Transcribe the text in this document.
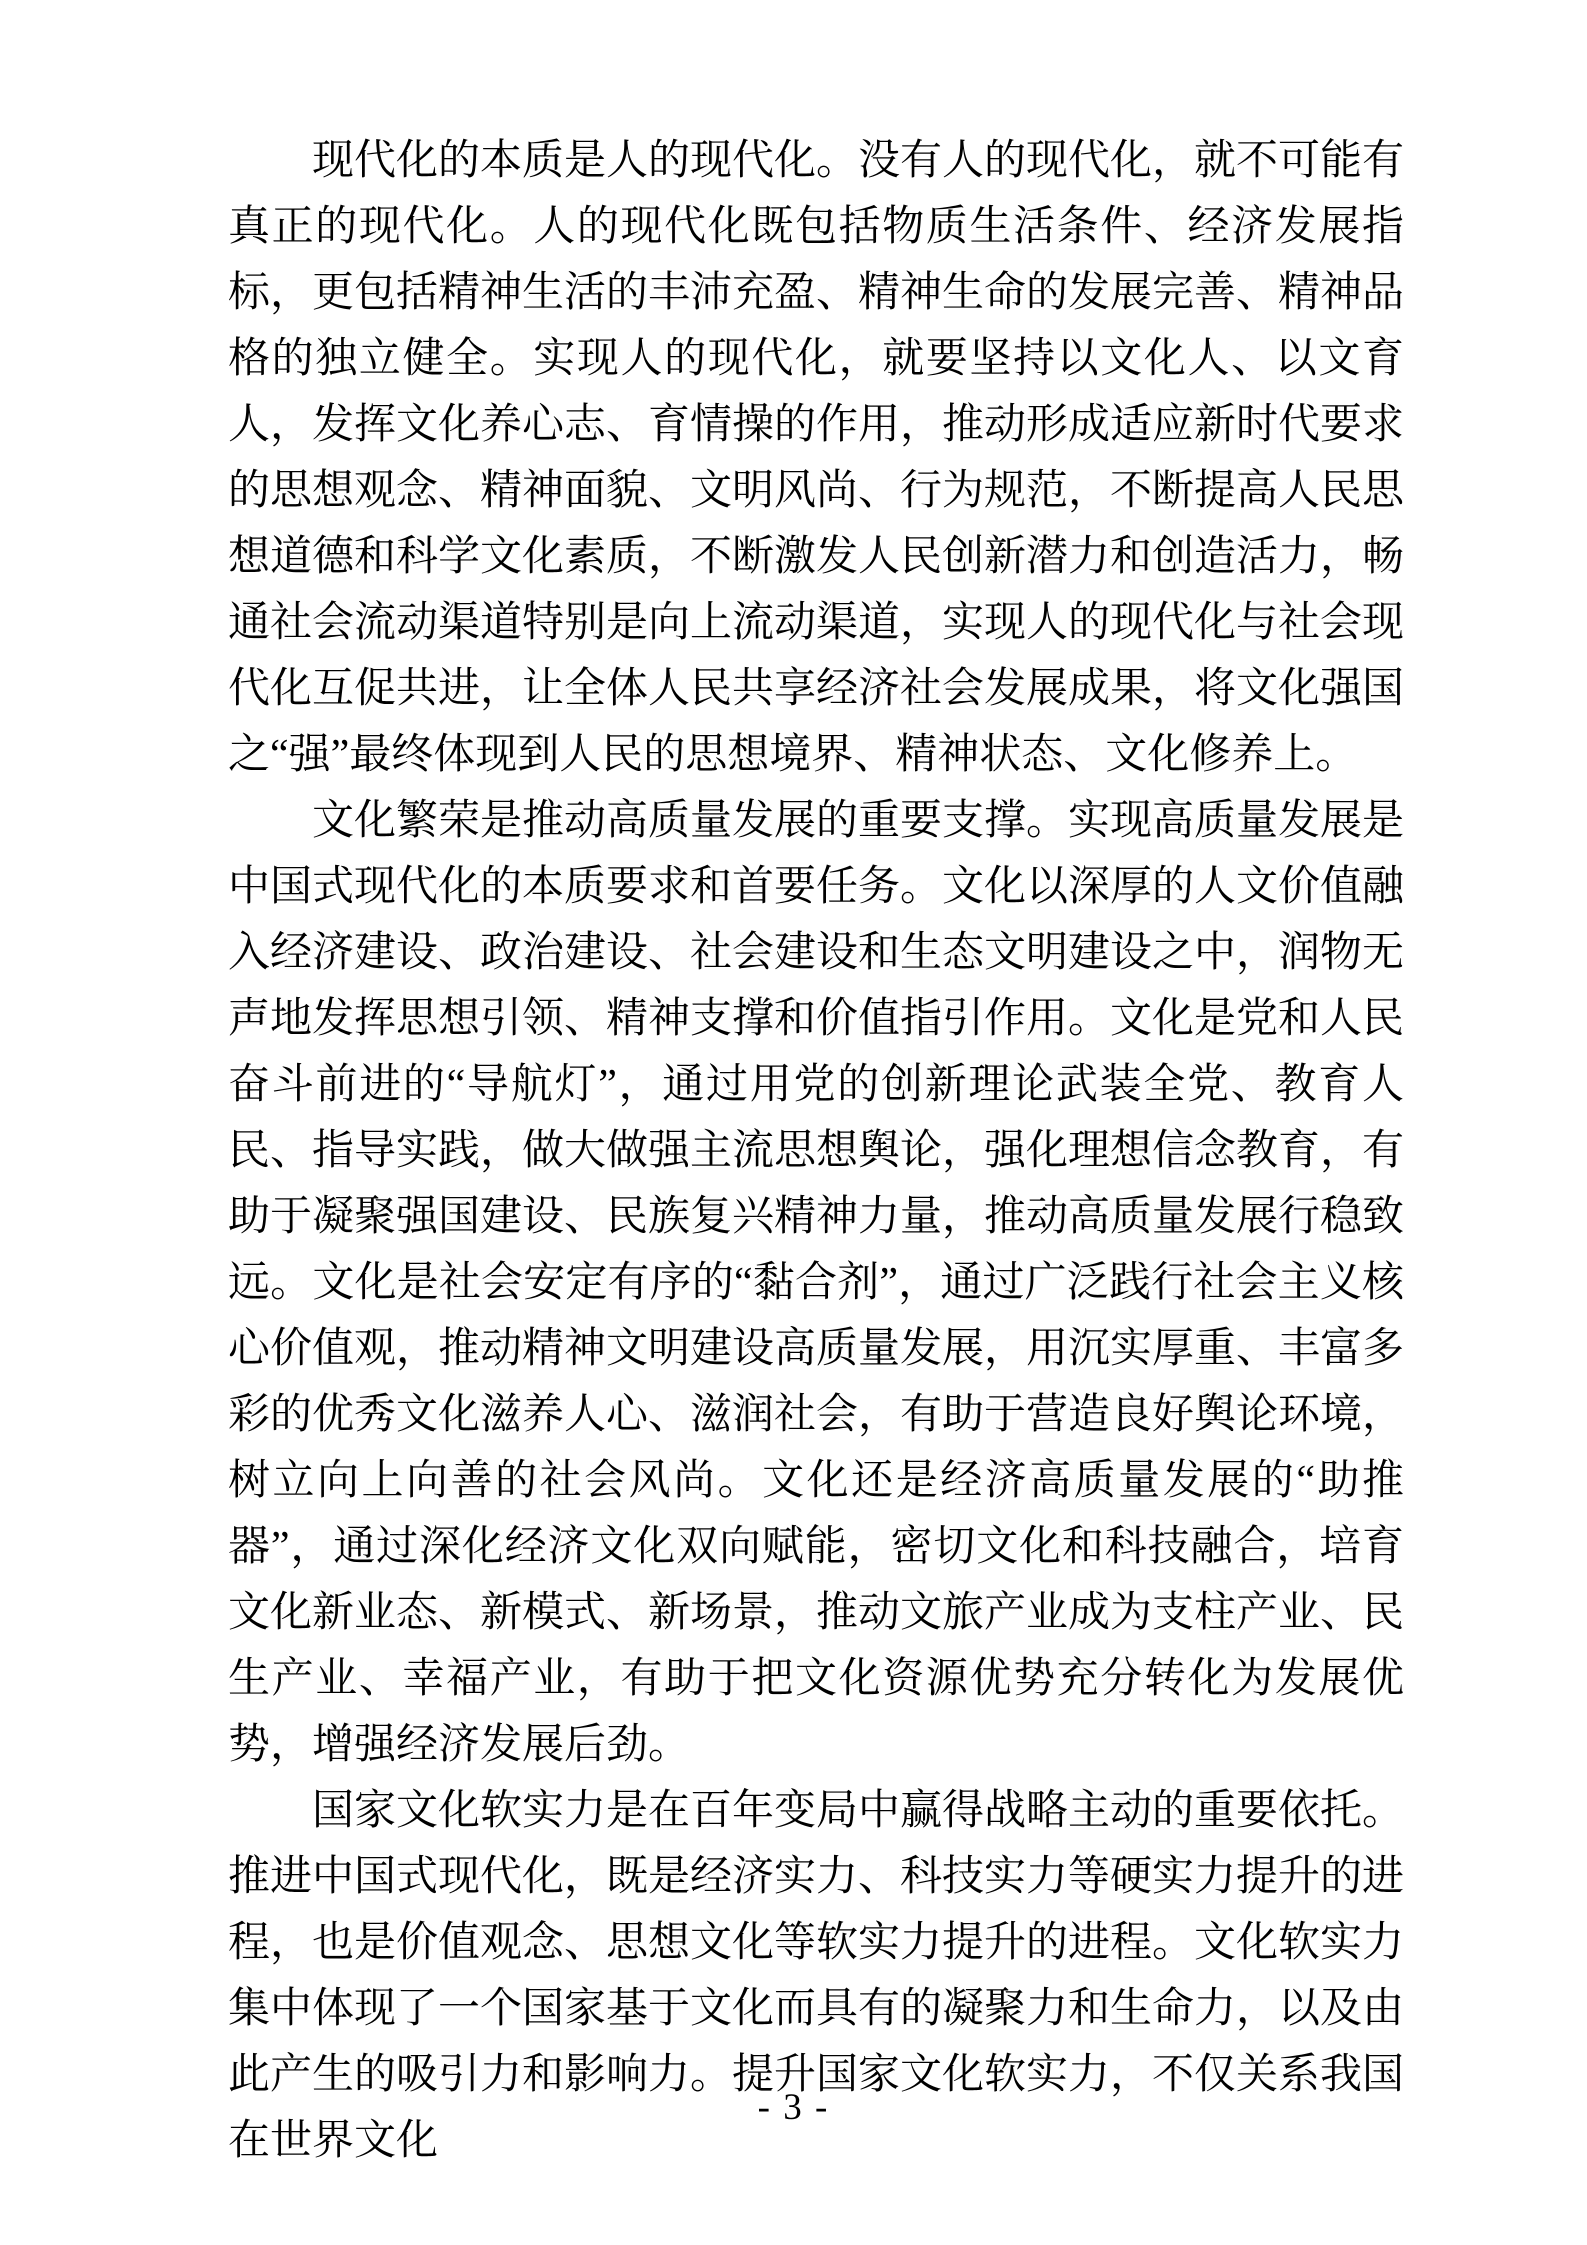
现代化的本质是人的现代化。没有人的现代化，就不可能有真正的现代化。人的现代化既包括物质生活条件、经济发展指标，更包括精神生活的丰沛充盈、精神生命的发展完善、精神品格的独立健全。实现人的现代化，就要坚持以文化人、以文育人，发挥文化养心志、育情操的作用，推动形成适应新时代要求的思想观念、精神面貌、文明风尚、行为规范，不断提高人民思想道德和科学文化素质，不断激发人民创新潜力和创造活力，畅通社会流动渠道特别是向上流动渠道，实现人的现代化与社会现代化互促共进，让全体人民共享经济社会发展成果，将文化强国之“强”最终体现到人民的思想境界、精神状态、文化修养上。

文化繁荣是推动高质量发展的重要支撑。实现高质量发展是中国式现代化的本质要求和首要任务。文化以深厚的人文价值融入经济建设、政治建设、社会建设和生态文明建设之中，润物无声地发挥思想引领、精神支撑和价值指引作用。文化是党和人民奋斗前进的“导航灯”，通过用党的创新理论武装全党、教育人民、指导实践，做大做强主流思想舆论，强化理想信念教育，有助于凝聚强国建设、民族复兴精神力量，推动高质量发展行稳致远。文化是社会安定有序的“黏合剂”，通过广泛践行社会主义核心价值观，推动精神文明建设高质量发展，用沉实厚重、丰富多彩的优秀文化滋养人心、滋润社会，有助于营造良好舆论环境，树立向上向善的社会风尚。文化还是经济高质量发展的“助推器”，通过深化经济文化双向赋能，密切文化和科技融合，培育文化新业态、新模式、新场景，推动文旅产业成为支柱产业、民生产业、幸福产业，有助于把文化资源优势充分转化为发展优势，增强经济发展后劲。

国家文化软实力是在百年变局中赢得战略主动的重要依托。推进中国式现代化，既是经济实力、科技实力等硬实力提升的进程，也是价值观念、思想文化等软实力提升的进程。文化软实力集中体现了一个国家基于文化而具有的凝聚力和生命力，以及由此产生的吸引力和影响力。提升国家文化软实力，不仅关系我国在世界文化

- 3 -
